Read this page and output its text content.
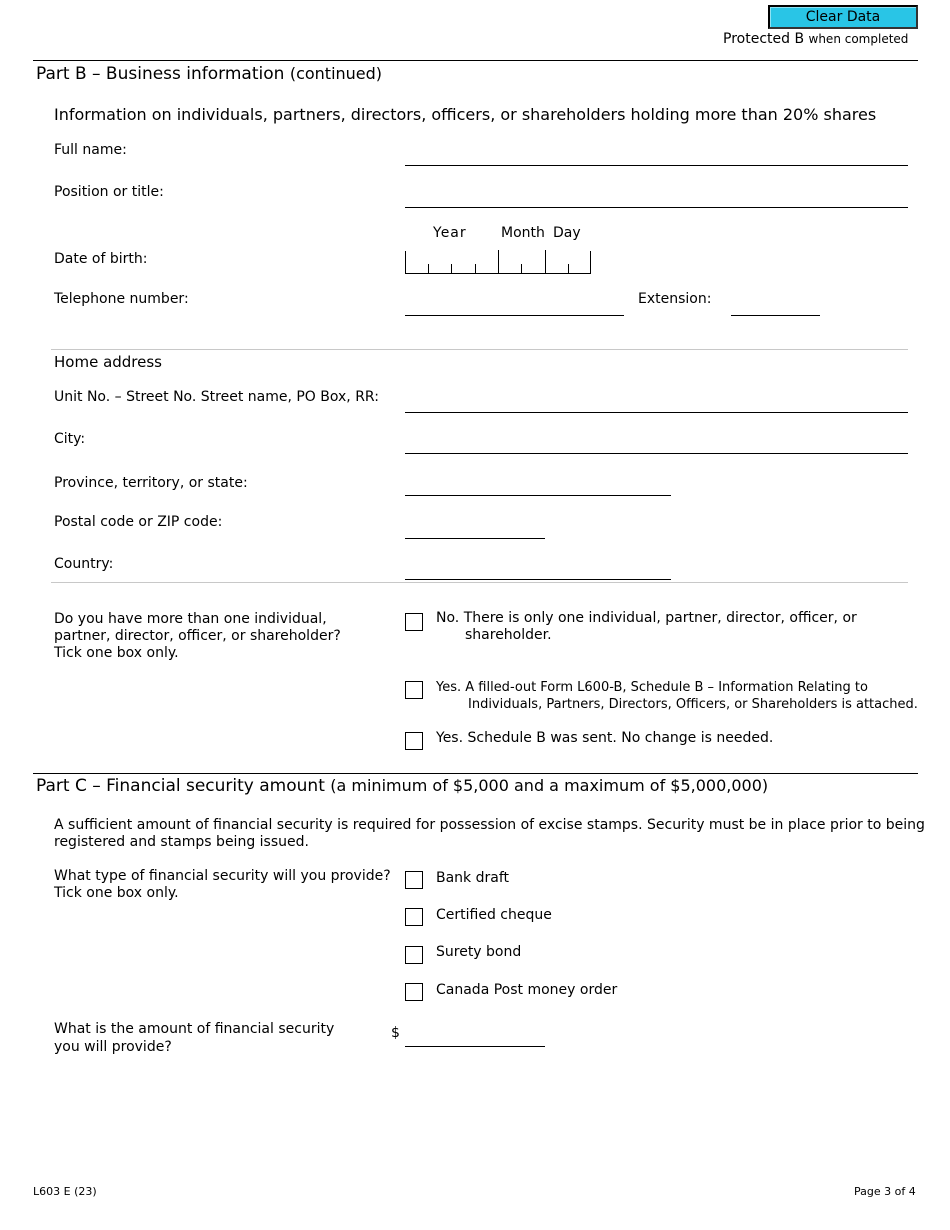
Clear Data
Protected B when completed
Part B – Business information (continued)
Information on individuals, partners, directors, officers, or shareholders holding more than 20% shares
Full name:
Position or title:
Year Month Day
Date of birth:
Telephone number:	Extension:
Home address
Unit No. – Street No. Street name, PO Box, RR:
City:
Province, territory, or state:
Postal code or ZIP code:
Country:
Do you have more than one individual,
partner, director, officer, or shareholder?
Tick one box only.
No. There is only one individual, partner, director, officer, or
shareholder.
Yes. A filled-out Form L600-B, Schedule B – Information Relating to
Individuals, Partners, Directors, Officers, or Shareholders is attached.
Yes. Schedule B was sent. No change is needed.
Part C – Financial security amount (a minimum of $5,000 and a maximum of $5,000,000)
A sufficient amount of financial security is required for possession of excise stamps. Security must be in place prior to being
registered and stamps being issued.
What type of financial security will you provide?
Tick one box only.
Bank draft
Certified cheque
Surety bond
Canada Post money order
What is the amount of financial security
you will provide?
$
L603 E (23)	Page 3 of 4
